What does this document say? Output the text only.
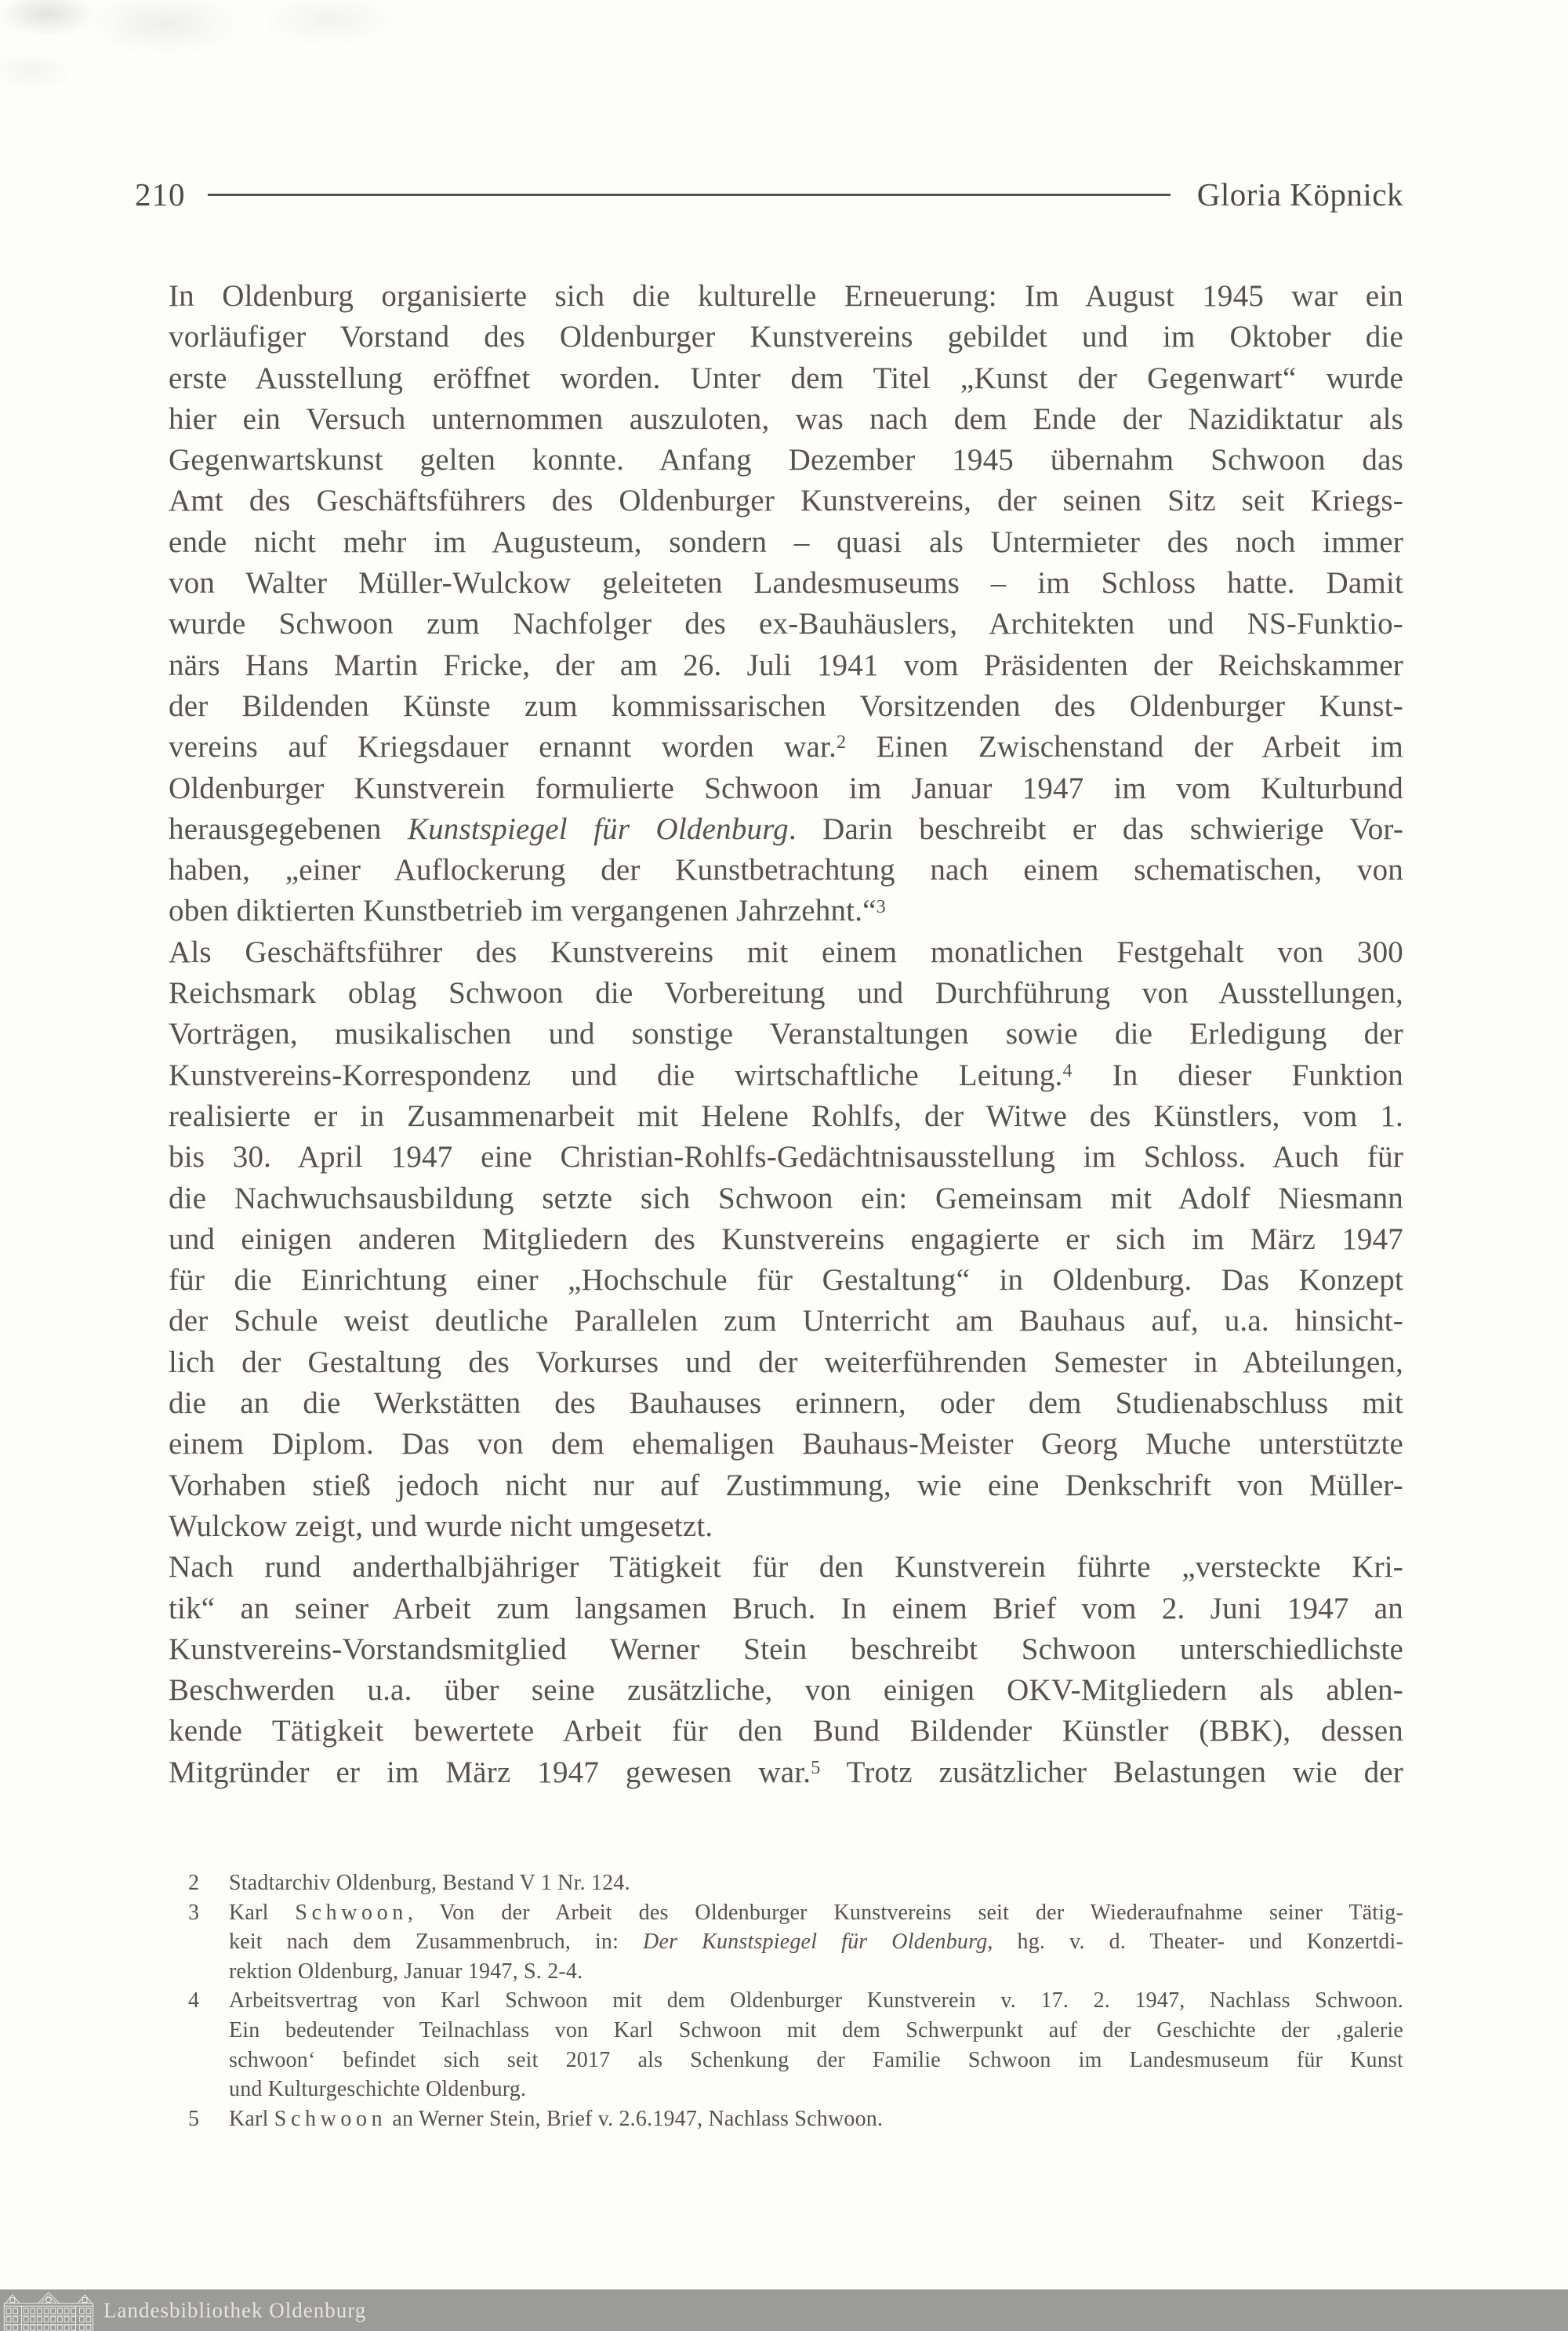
210	Gloria Köpnick
In Oldenburg organisierte sich die kulturelle Erneuerung: Im August 1945 war ein
vorläufiger Vorstand des Oldenburger Kunstvereins gebildet und im Oktober die
erste Ausstellung eröffnet worden. Unter dem Titel „Kunst der Gegenwart“ wurde
hier ein Versuch unternommen auszuloten, was nach dem Ende der Nazidiktatur als
Gegenwartskunst gelten konnte. Anfang Dezember 1945 übernahm Schwoon das
Amt des Geschäftsführers des Oldenburger Kunstvereins, der seinen Sitz seit Kriegs-
ende nicht mehr im Augusteum, sondern – quasi als Untermieter des noch immer
von Walter Müller-Wulckow geleiteten Landesmuseums – im Schloss hatte. Damit
wurde Schwoon zum Nachfolger des ex-Bauhäuslers, Architekten und NS-Funktio-
närs Hans Martin Fricke, der am 26. Juli 1941 vom Präsidenten der Reichskammer
der Bildenden Künste zum kommissarischen Vorsitzenden des Oldenburger Kunst-
vereins auf Kriegsdauer ernannt worden war.$^2$ Einen Zwischenstand der Arbeit im
Oldenburger Kunstverein formulierte Schwoon im Januar 1947 im vom Kulturbund
herausgegebenen Kunstspiegel für Oldenburg. Darin beschreibt er das schwierige Vor-
haben, „einer Auflockerung der Kunstbetrachtung nach einem schematischen, von
oben diktierten Kunstbetrieb im vergangenen Jahrzehnt.“$^3$
Als Geschäftsführer des Kunstvereins mit einem monatlichen Festgehalt von 300
Reichsmark oblag Schwoon die Vorbereitung und Durchführung von Ausstellungen,
Vorträgen, musikalischen und sonstige Veranstaltungen sowie die Erledigung der
Kunstvereins-Korrespondenz und die wirtschaftliche Leitung.$^4$ In dieser Funktion
realisierte er in Zusammenarbeit mit Helene Rohlfs, der Witwe des Künstlers, vom 1.
bis 30. April 1947 eine Christian-Rohlfs-Gedächtnisausstellung im Schloss. Auch für
die Nachwuchsausbildung setzte sich Schwoon ein: Gemeinsam mit Adolf Niesmann
und einigen anderen Mitgliedern des Kunstvereins engagierte er sich im März 1947
für die Einrichtung einer „Hochschule für Gestaltung“ in Oldenburg. Das Konzept
der Schule weist deutliche Parallelen zum Unterricht am Bauhaus auf, u.a. hinsicht-
lich der Gestaltung des Vorkurses und der weiterführenden Semester in Abteilungen,
die an die Werkstätten des Bauhauses erinnern, oder dem Studienabschluss mit
einem Diplom. Das von dem ehemaligen Bauhaus-Meister Georg Muche unterstützte
Vorhaben stieß jedoch nicht nur auf Zustimmung, wie eine Denkschrift von Müller-
Wulckow zeigt, und wurde nicht umgesetzt.
Nach rund anderthalbjähriger Tätigkeit für den Kunstverein führte „versteckte Kri-
tik“ an seiner Arbeit zum langsamen Bruch. In einem Brief vom 2. Juni 1947 an
Kunstvereins-Vorstandsmitglied Werner Stein beschreibt Schwoon unterschiedlichste
Beschwerden u.a. über seine zusätzliche, von einigen OKV-Mitgliedern als ablen-
kende Tätigkeit bewertete Arbeit für den Bund Bildender Künstler (BBK), dessen
Mitgründer er im März 1947 gewesen war.$^5$ Trotz zusätzlicher Belastungen wie der
2	Stadtarchiv Oldenburg, Bestand V 1 Nr. 124.
3	Karl Schwoon, Von der Arbeit des Oldenburger Kunstvereins seit der Wiederaufnahme seiner Tätig-
keit nach dem Zusammenbruch, in: Der Kunstspiegel für Oldenburg, hg. v. d. Theater- und Konzertdi-
rektion Oldenburg, Januar 1947, S. 2-4.
4	Arbeitsvertrag von Karl Schwoon mit dem Oldenburger Kunstverein v. 17. 2. 1947, Nachlass Schwoon.
Ein bedeutender Teilnachlass von Karl Schwoon mit dem Schwerpunkt auf der Geschichte der ‚galerie
schwoon‘ befindet sich seit 2017 als Schenkung der Familie Schwoon im Landesmuseum für Kunst
und Kulturgeschichte Oldenburg.
5	Karl Schwoon an Werner Stein, Brief v. 2.6.1947, Nachlass Schwoon.
Landesbibliothek Oldenburg
